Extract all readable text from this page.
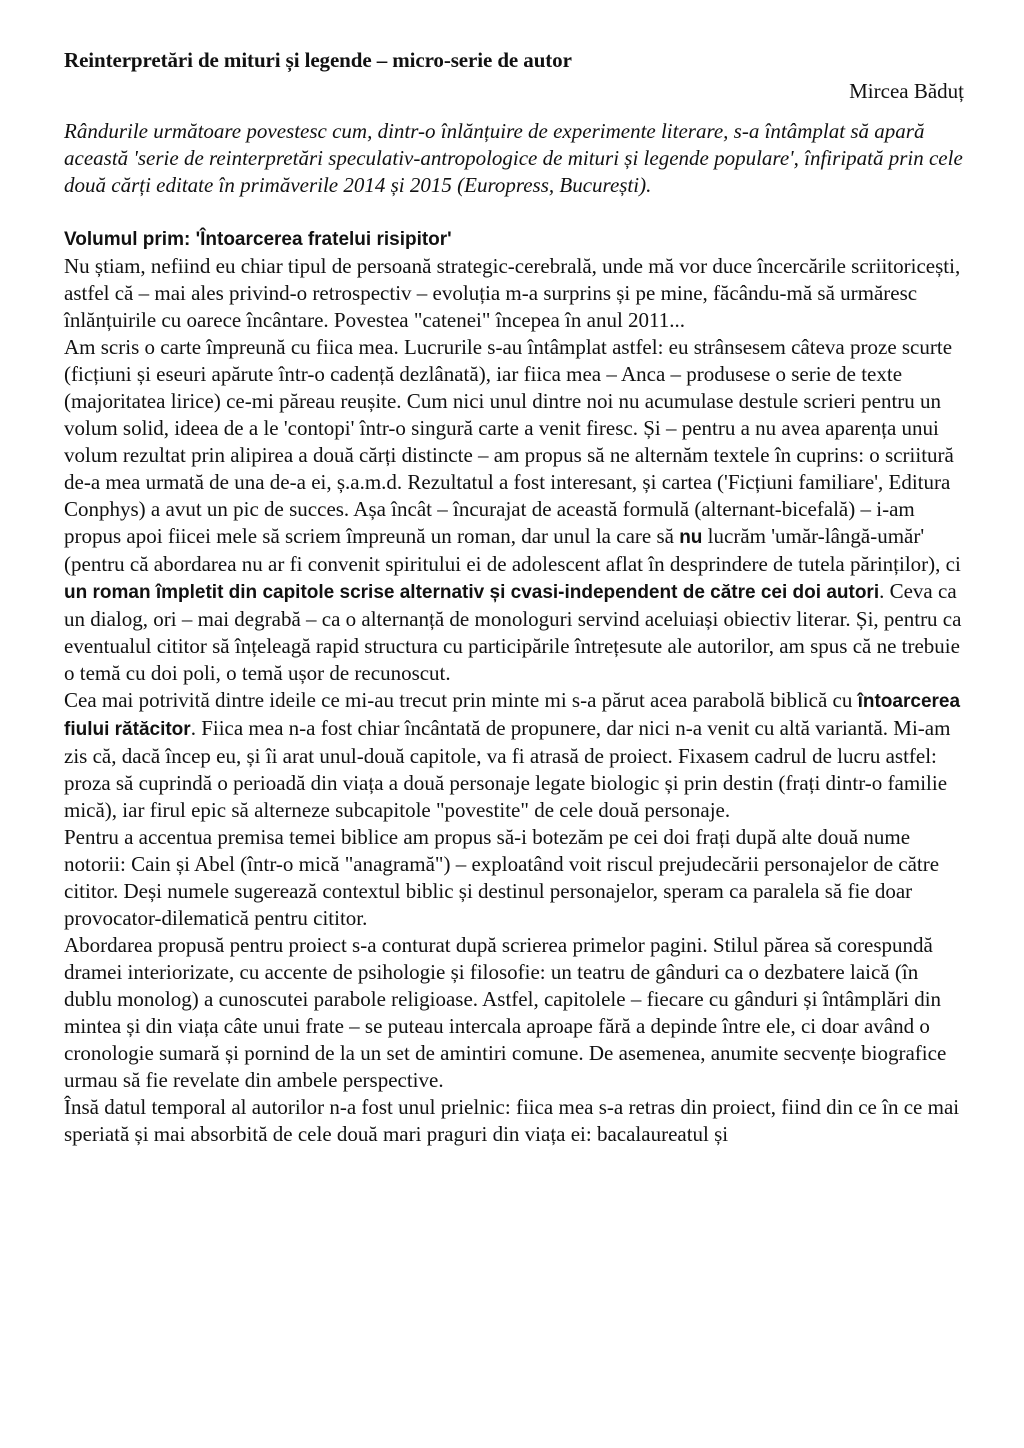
Reinterpretări de mituri și legende – micro-serie de autor

Mircea Băduț

Rândurile următoare povestesc cum, dintr-o înlănțuire de experimente literare, s-a întâmplat să apară această 'serie de reinterpretări speculativ-antropologice de mituri și legende populare', înfiripată prin cele două cărți editate în primăverile 2014 și 2015 (Europress, București).

Volumul prim: 'Întoarcerea fratelui risipitor'

Nu știam, nefiind eu chiar tipul de persoană strategic-cerebrală, unde mă vor duce încercările scriitoricești, astfel că – mai ales privind-o retrospectiv – evoluția m-a surprins și pe mine, făcându-mă să urmăresc înlănțuirile cu oarece încântare. Povestea "catenei" începea în anul 2011...

Am scris o carte împreună cu fiica mea. Lucrurile s-au întâmplat astfel: eu strânsesem câteva proze scurte (ficțiuni și eseuri apărute într-o cadență dezlânată), iar fiica mea – Anca – produsese o serie de texte (majoritatea lirice) ce-mi păreau reușite. Cum nici unul dintre noi nu acumulase destule scrieri pentru un volum solid, ideea de a le 'contopi' într-o singură carte a venit firesc. Și – pentru a nu avea aparența unui volum rezultat prin alipirea a două cărți distincte – am propus să ne alternăm textele în cuprins: o scriitură de-a mea urmată de una de-a ei, ș.a.m.d. Rezultatul a fost interesant, și cartea ('Ficțiuni familiare', Editura Conphys) a avut un pic de succes. Așa încât – încurajat de această formulă (alternant-bicefală) – i-am propus apoi fiicei mele să scriem împreună un roman, dar unul la care să nu lucrăm 'umăr-lângă-umăr' (pentru că abordarea nu ar fi convenit spiritului ei de adolescent aflat în desprindere de tutela părinților), ci un roman împletit din capitole scrise alternativ și cvasi-independent de către cei doi autori. Ceva ca un dialog, ori – mai degrabă – ca o alternanță de monologuri servind aceluiași obiectiv literar. Și, pentru ca eventualul cititor să înțeleagă rapid structura cu participările întrețesute ale autorilor, am spus că ne trebuie o temă cu doi poli, o temă ușor de recunoscut.

Cea mai potrivită dintre ideile ce mi-au trecut prin minte mi s-a părut acea parabolă biblică cu întoarcerea fiului rătăcitor. Fiica mea n-a fost chiar încântată de propunere, dar nici n-a venit cu altă variantă. Mi-am zis că, dacă încep eu, și îi arat unul-două capitole, va fi atrasă de proiect. Fixasem cadrul de lucru astfel: proza să cuprindă o perioadă din viața a două personaje legate biologic și prin destin (frați dintr-o familie mică), iar firul epic să alterneze subcapitole "povestite" de cele două personaje.

Pentru a accentua premisa temei biblice am propus să-i botezăm pe cei doi frați după alte două nume notorii: Cain și Abel (într-o mică "anagramă") – exploatând voit riscul prejudecării personajelor de către cititor. Deși numele sugerează contextul biblic și destinul personajelor, speram ca paralela să fie doar provocator-dilematică pentru cititor.

Abordarea propusă pentru proiect s-a conturat după scrierea primelor pagini. Stilul părea să corespundă dramei interiorizate, cu accente de psihologie și filosofie: un teatru de gânduri ca o dezbatere laică (în dublu monolog) a cunoscutei parabole religioase. Astfel, capitolele – fiecare cu gânduri și întâmplări din mintea și din viața câte unui frate – se puteau intercala aproape fără a depinde între ele, ci doar având o cronologie sumară și pornind de la un set de amintiri comune. De asemenea, anumite secvențe biografice urmau să fie revelate din ambele perspective.

Însă datul temporal al autorilor n-a fost unul prielnic: fiica mea s-a retras din proiect, fiind din ce în ce mai speriată și mai absorbită de cele două mari praguri din viața ei: bacalaureatul și
